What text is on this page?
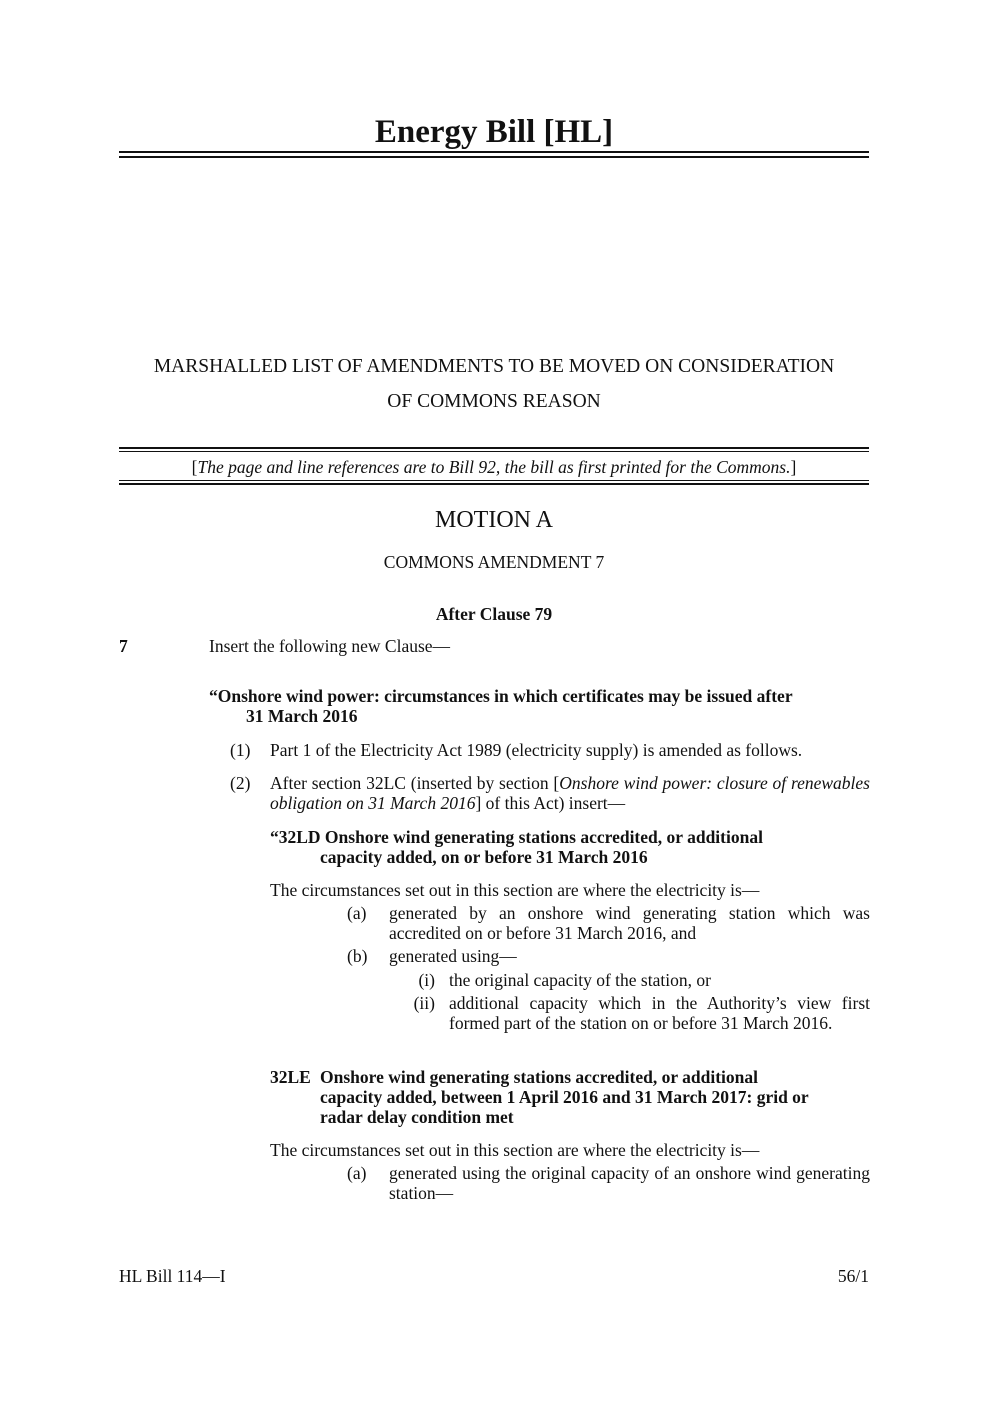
Energy Bill [HL]
MARSHALLED LIST OF AMENDMENTS TO BE MOVED ON CONSIDERATION
OF COMMONS REASON
[The page and line references are to Bill 92, the bill as first printed for the Commons.]
MOTION A
COMMONS AMENDMENT 7
After Clause 79
7	Insert the following new Clause—
“Onshore wind power: circumstances in which certificates may be issued after
31 March 2016
(1) Part 1 of the Electricity Act 1989 (electricity supply) is amended as follows.
(2) After section 32LC (inserted by section [Onshore wind power: closure of renewables obligation on 31 March 2016] of this Act) insert—
“32LD Onshore wind generating stations accredited, or additional
capacity added, on or before 31 March 2016
The circumstances set out in this section are where the electricity is—
(a) generated by an onshore wind generating station which was accredited on or before 31 March 2016, and
(b) generated using—
(i) the original capacity of the station, or
(ii) additional capacity which in the Authority’s view first formed part of the station on or before 31 March 2016.
32LE Onshore wind generating stations accredited, or additional
capacity added, between 1 April 2016 and 31 March 2017: grid or
radar delay condition met
The circumstances set out in this section are where the electricity is—
(a) generated using the original capacity of an onshore wind generating station—
HL Bill 114—I	56/1
